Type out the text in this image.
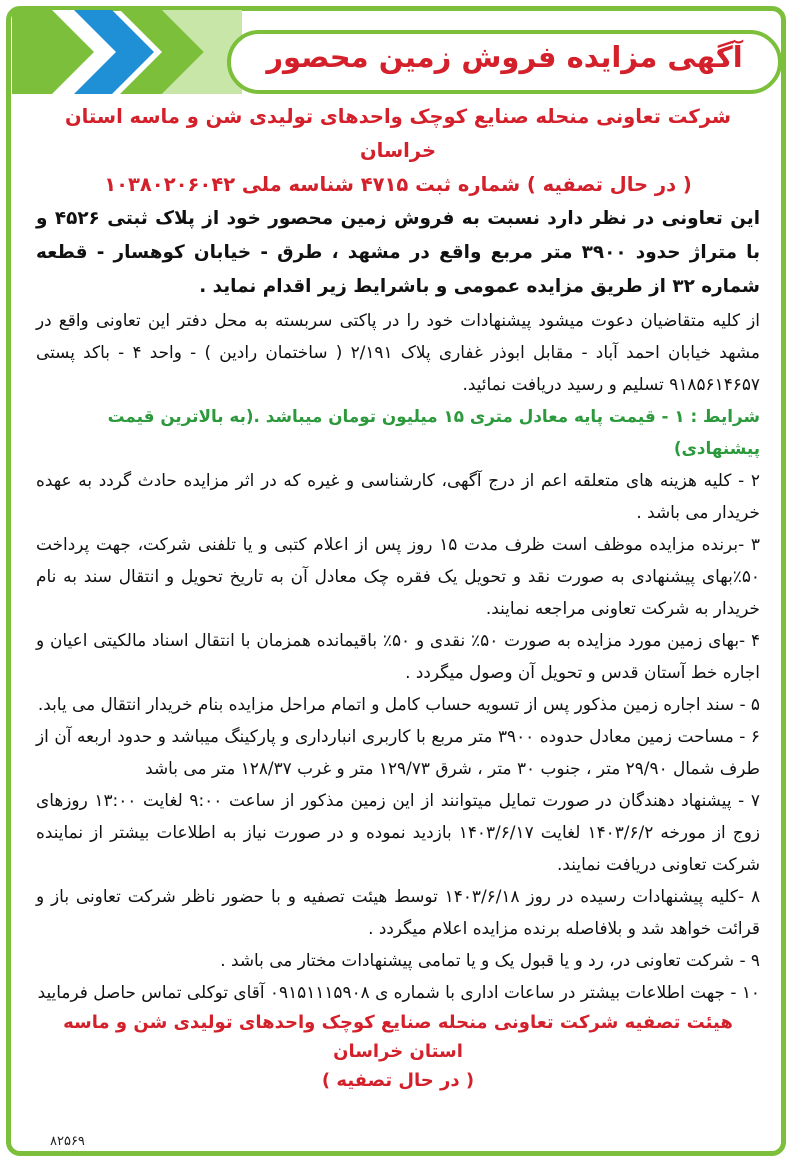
آگهی مزایده فروش زمین محصور
شرکت تعاونی منحله صنایع کوچک واحدهای تولیدی شن و ماسه استان خراسان
( در حال تصفیه ) شماره ثبت ۴۷۱۵ شناسه ملی ۱۰۳۸۰۲۰۶۰۴۲

این تعاونی در نظر دارد نسبت به فروش زمین محصور خود از پلاک ثبتی ۴۵۲۶ و با متراژ حدود ۳۹۰۰ متر مربع واقع در مشهد ، طرق - خیابان کوهسار - قطعه شماره ۳۲ از طریق مزایده عمومی و باشرایط زیر اقدام نماید .

از کلیه متقاضیان دعوت میشود پیشنهادات خود را در پاکتی سربسته به محل دفتر این تعاونی واقع در مشهد خیابان احمد آباد - مقابل ابوذر غفاری پلاک ۲/۱۹۱ ( ساختمان رادین ) - واحد ۴ - باکد پستی ۹۱۸۵۶۱۴۶۵۷ تسلیم و رسید دریافت نمائید.

شرایط : ۱ - قیمت پایه معادل متری ۱۵ میلیون تومان میباشد .(به بالاترین قیمت پیشنهادی)

۲ - کلیه هزینه های متعلقه اعم از درج آگهی، کارشناسی و غیره که در اثر مزایده حادث گردد به عهده خریدار می باشد .

۳ -برنده مزایده موظف است ظرف مدت ۱۵ روز پس از اعلام کتبی و یا تلفنی شرکت، جهت پرداخت ۵۰٪بهای پیشنهادی به صورت نقد و تحویل یک فقره چک معادل آن به تاریخ تحویل و انتقال سند به نام خریدار به شرکت تعاونی مراجعه نمایند.

۴ -بهای زمین مورد مزایده به صورت ۵۰٪ نقدی و ۵۰٪ باقیمانده همزمان با انتقال اسناد مالکیتی اعیان و اجاره خط آستان قدس و تحویل آن وصول میگردد .

۵ - سند اجاره زمین مذکور پس از تسویه حساب کامل و اتمام مراحل مزایده بنام خریدار انتقال می یابد.

۶ - مساحت زمین معادل حدوده ۳۹۰۰ متر مربع با کاربری انبارداری و پارکینگ میباشد و حدود اربعه آن از طرف شمال ۲۹/۹۰ متر ، جنوب ۳۰ متر ، شرق ۱۲۹/۷۳ متر و غرب ۱۲۸/۳۷ متر می باشد

۷ - پیشنهاد دهندگان در صورت تمایل میتوانند از این زمین مذکور از ساعت ۹:۰۰ لغایت ۱۳:۰۰ روزهای زوج از مورخه ۱۴۰۳/۶/۲ لغایت ۱۴۰۳/۶/۱۷ بازدید نموده و در صورت نیاز به اطلاعات بیشتر از نماینده شرکت تعاونی دریافت نمایند.

۸ -کلیه پیشنهادات رسیده در روز ۱۴۰۳/۶/۱۸ توسط هیئت تصفیه و با حضور ناظر شرکت تعاونی باز و قرائت خواهد شد و بلافاصله برنده مزایده اعلام میگردد .

۹ - شرکت تعاونی در، رد و یا قبول یک و یا تمامی پیشنهادات مختار می باشد .

۱۰ - جهت اطلاعات بیشتر در ساعات اداری با شماره ی ۰۹۱۵۱۱۱۵۹۰۸ آقای توکلی تماس حاصل فرمایید

هیئت تصفیه شرکت تعاونی منحله صنایع کوچک واحدهای تولیدی شن و ماسه استان خراسان
( در حال تصفیه )
۸۲۵۶۹
